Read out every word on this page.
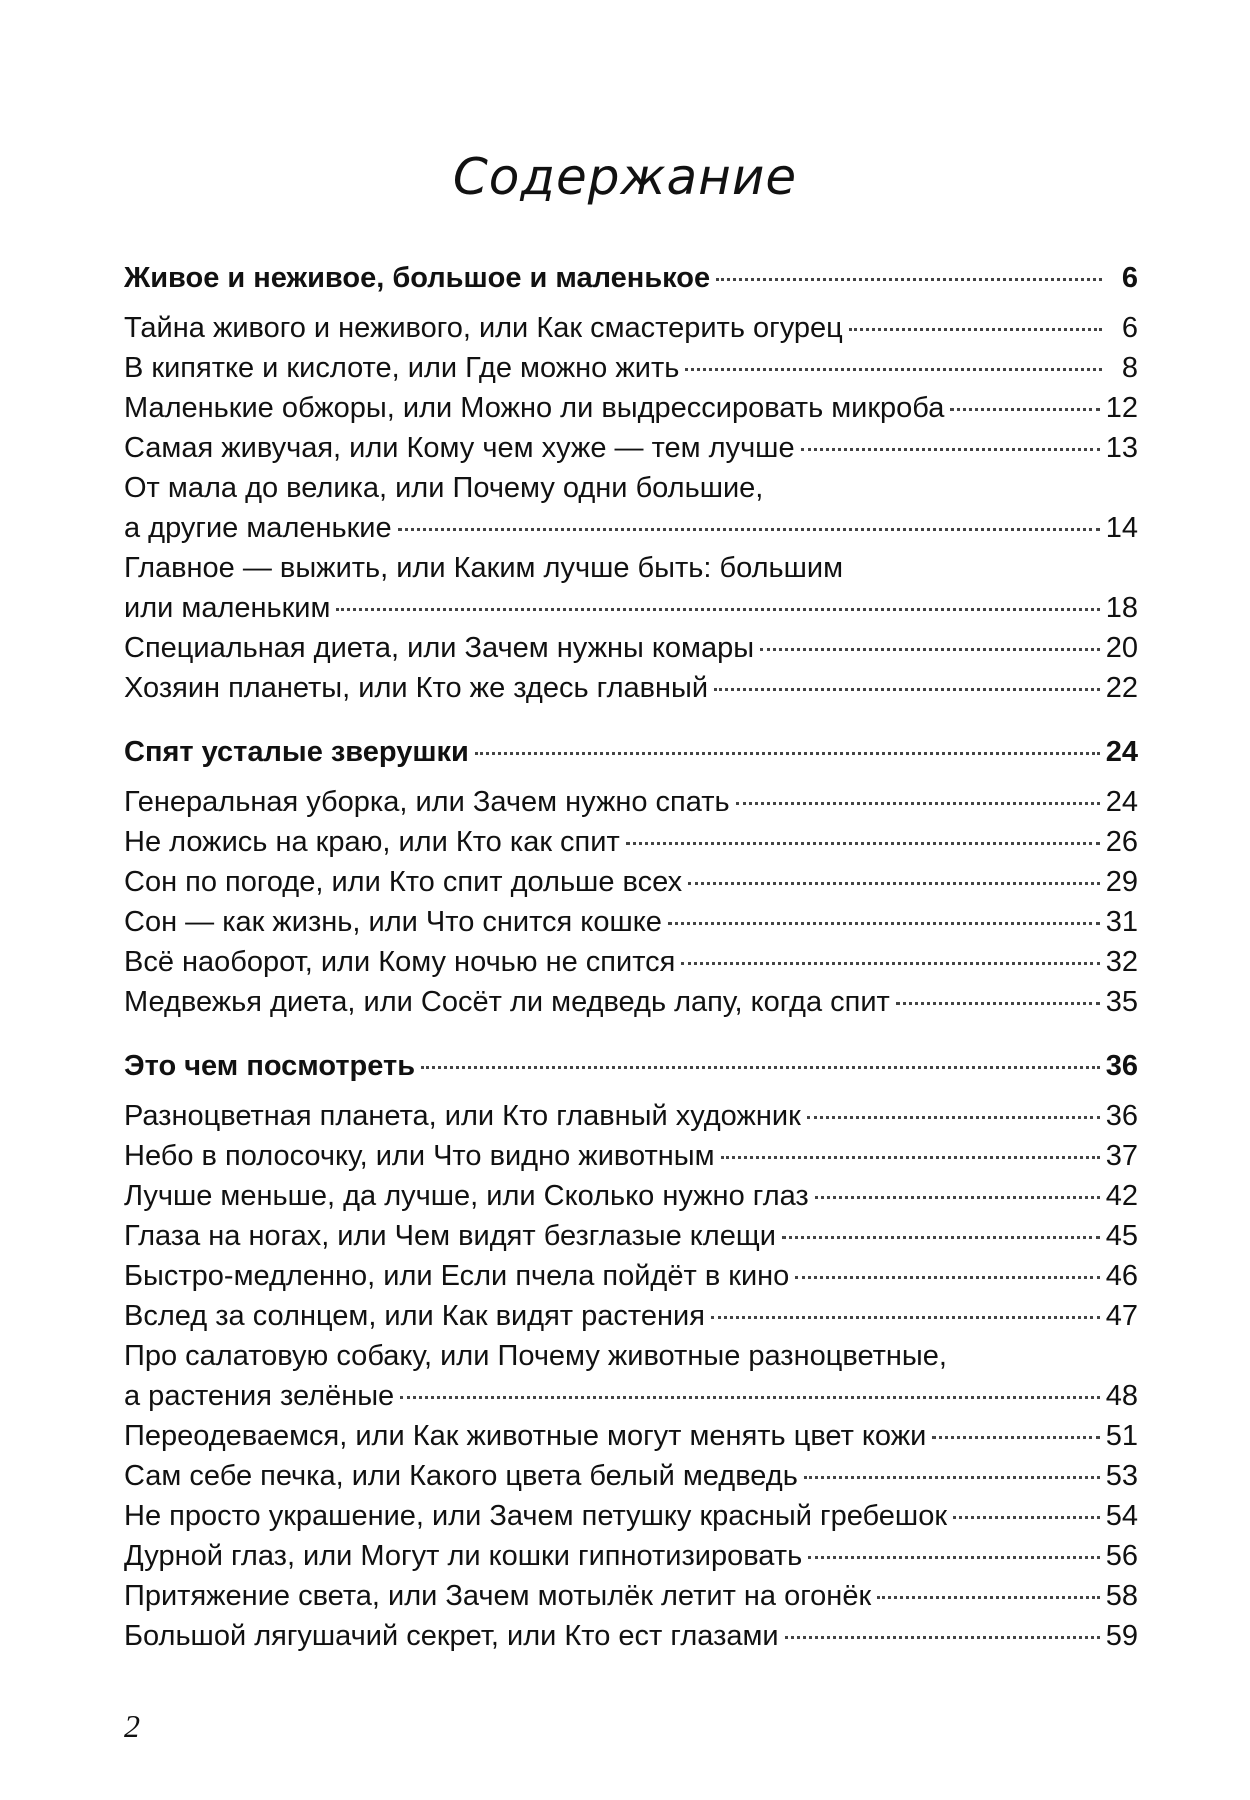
Содержание
Живое и неживое, большое и маленькое	6
Тайна живого и неживого, или Как смастерить огурец	6
В кипятке и кислоте, или Где можно жить	8
Маленькие обжоры, или Можно ли выдрессировать микроба	12
Самая живучая, или Кому чем хуже — тем лучше	13
От мала до велика, или Почему одни большие,
а другие маленькие	14
Главное — выжить, или Каким лучше быть: большим
или маленьким	18
Специальная диета, или Зачем нужны комары	20
Хозяин планеты, или Кто же здесь главный	22
Спят усталые зверушки	24
Генеральная уборка, или Зачем нужно спать	24
Не ложись на краю, или Кто как спит	26
Сон по погоде, или Кто спит дольше всех	29
Сон — как жизнь, или Что снится кошке	31
Всё наоборот, или Кому ночью не спится	32
Медвежья диета, или Сосёт ли медведь лапу, когда спит	35
Это чем посмотреть	36
Разноцветная планета, или Кто главный художник	36
Небо в полосочку, или Что видно животным	37
Лучше меньше, да лучше, или Сколько нужно глаз	42
Глаза на ногах, или Чем видят безглазые клещи	45
Быстро-медленно, или Если пчела пойдёт в кино	46
Вслед за солнцем, или Как видят растения	47
Про салатовую собаку, или Почему животные разноцветные,
а растения зелёные	48
Переодеваемся, или Как животные могут менять цвет кожи	51
Сам себе печка, или Какого цвета белый медведь	53
Не просто украшение, или Зачем петушку красный гребешок	54
Дурной глаз, или Могут ли кошки гипнотизировать	56
Притяжение света, или Зачем мотылёк летит на огонёк	58
Большой лягушачий секрет, или Кто ест глазами	59
2
